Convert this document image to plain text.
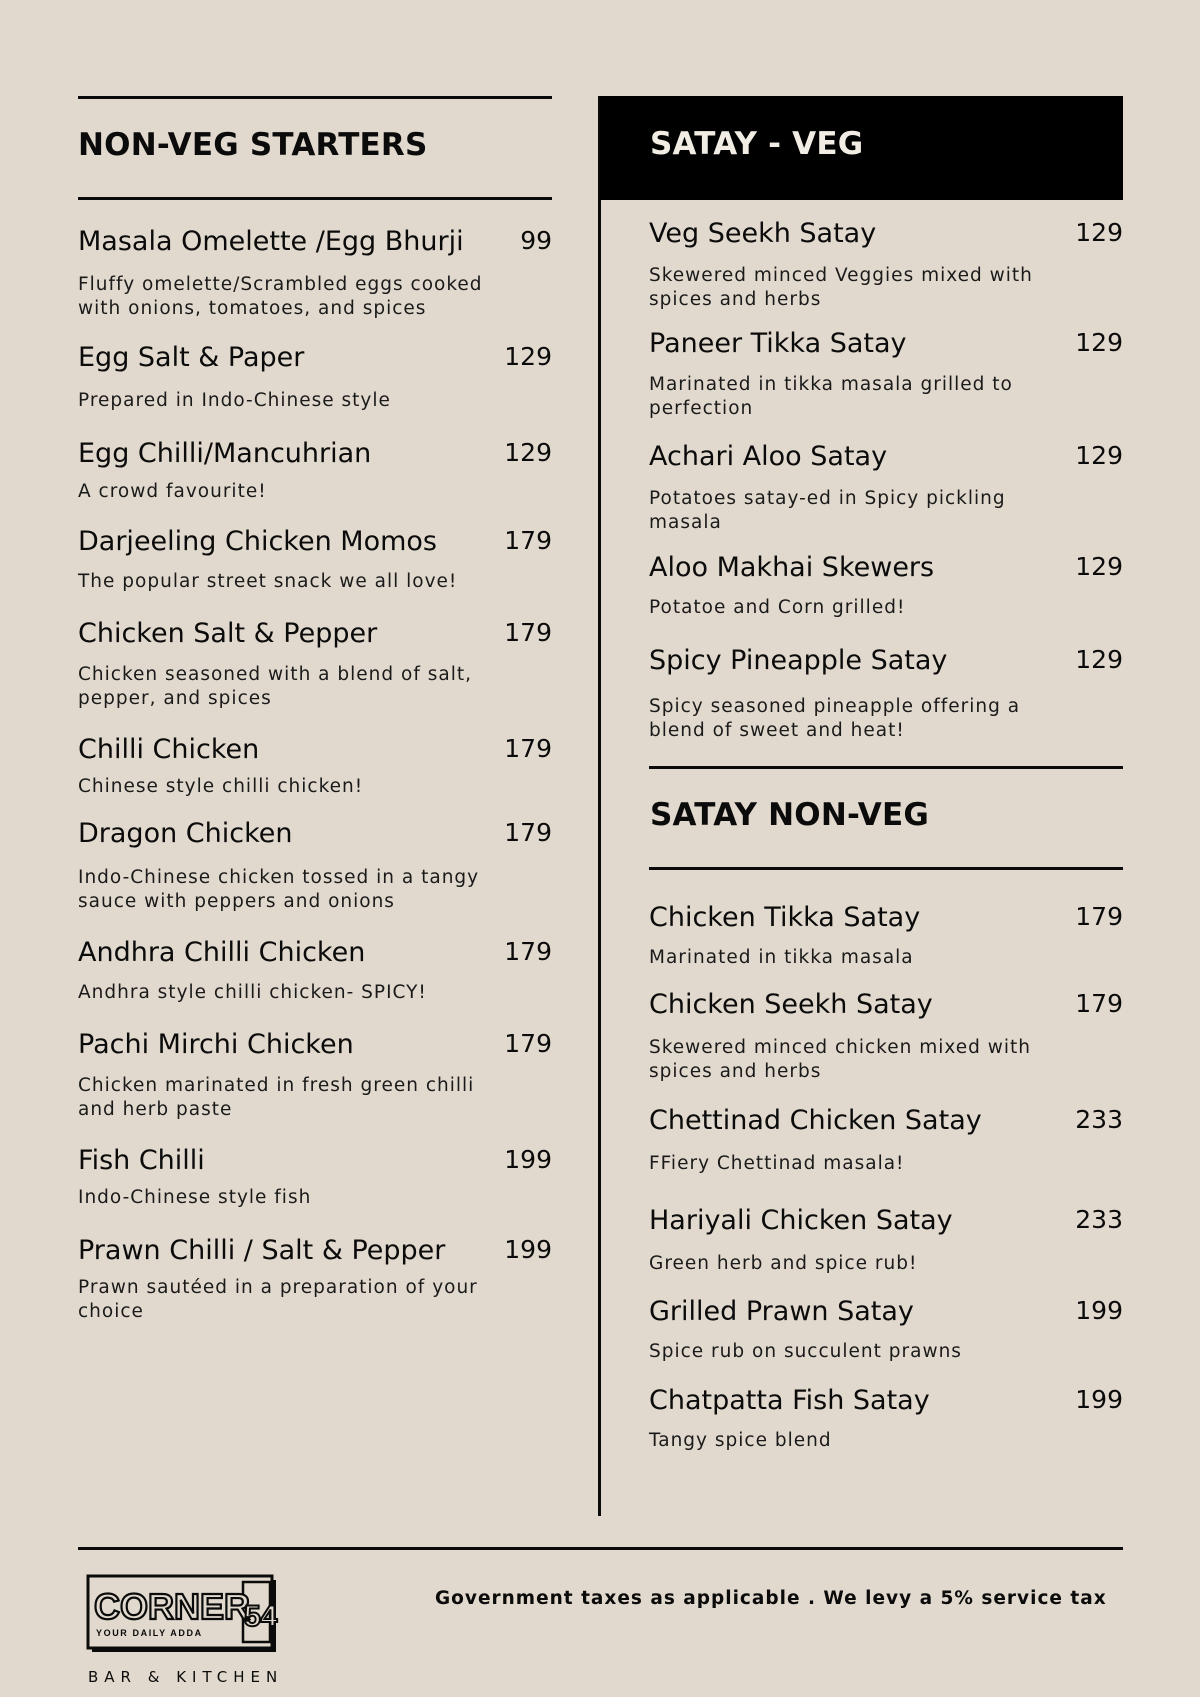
NON-VEG STARTERS
Masala Omelette /Egg Bhurji 99
Fluffy omelette/Scrambled eggs cooked with onions, tomatoes, and spices
Egg Salt & Paper	129
Prepared in Indo-Chinese style
Egg Chilli/Mancuhrian	129
A crowd favourite!
Darjeeling Chicken Momos	179
The popular street snack we all love!
Chicken Salt & Pepper	179
Chicken seasoned with a blend of salt, pepper, and spices
Chilli Chicken	179
Chinese style chilli chicken!
Dragon Chicken	179
Indo-Chinese chicken tossed in a tangy sauce with peppers and onions
Andhra Chilli Chicken	179
Andhra style chilli chicken- SPICY!
Pachi Mirchi Chicken	179
Chicken marinated in fresh green chilli and herb paste
Fish Chilli	199
Indo-Chinese style fish
Prawn Chilli / Salt & Pepper 199
Prawn sautéed in a preparation of your choice
SATAY - VEG
Veg Seekh Satay	129
Skewered minced Veggies mixed with spices and herbs
Paneer Tikka Satay	129
Marinated in tikka masala grilled to perfection
Achari Aloo Satay	129
Potatoes satay-ed in Spicy pickling masala
Aloo Makhai Skewers	129
Potatoe and Corn grilled!
Spicy Pineapple Satay	129
Spicy seasoned pineapple offering a blend of sweet and heat!
SATAY NON-VEG
Chicken Tikka Satay	179
Marinated in tikka masala
Chicken Seekh Satay	179
Skewered minced chicken mixed with spices and herbs
Chettinad Chicken Satay	233
FFiery Chettinad masala!
Hariyali Chicken Satay	233
Green herb and spice rub!
Grilled Prawn Satay	199
Spice rub on succulent prawns
Chatpatta Fish Satay	199
Tangy spice blend
CORNER
54
YOUR DAILY ADDA
BAR & KITCHEN
Government taxes as applicable . We levy a 5% service tax
